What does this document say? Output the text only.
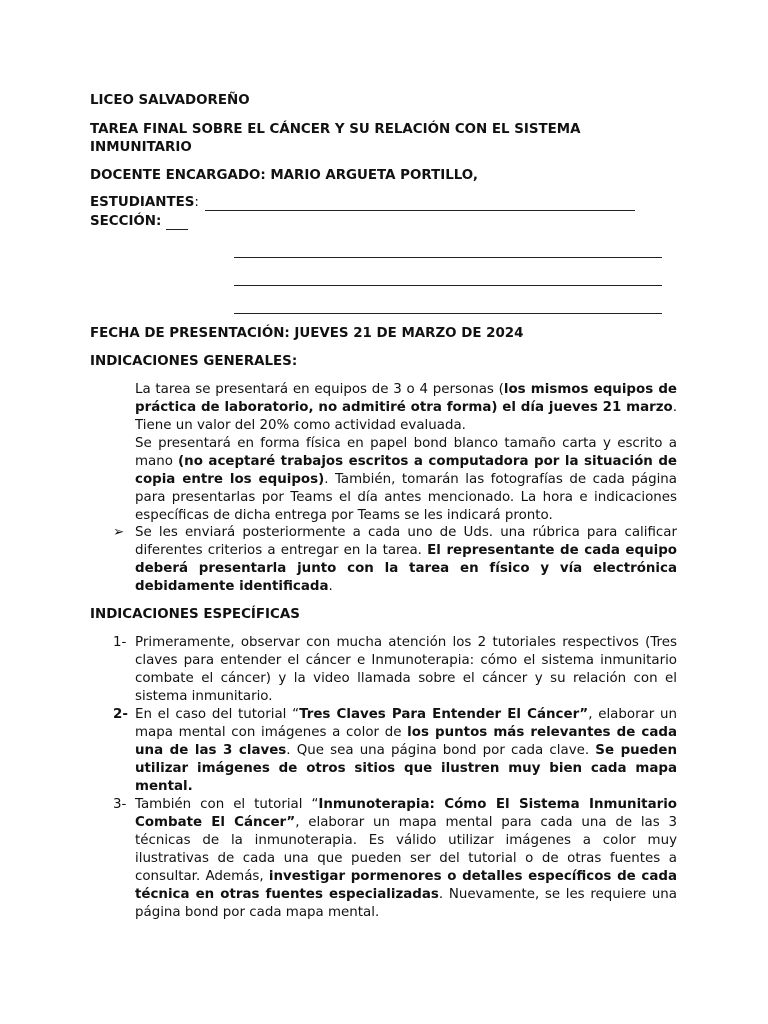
LICEO SALVADOREÑO
TAREA FINAL SOBRE EL CÁNCER Y SU RELACIÓN CON EL SISTEMA
INMUNITARIO
DOCENTE ENCARGADO: MARIO ARGUETA PORTILLO,
ESTUDIANTES:
SECCIÓN:
FECHA DE PRESENTACIÓN: JUEVES 21 DE MARZO DE 2024
INDICACIONES GENERALES:
La tarea se presentará en equipos de 3 o 4 personas (los mismos equipos de práctica de laboratorio, no admitiré otra forma) el día jueves 21 marzo. Tiene un valor del 20% como actividad evaluada.
Se presentará en forma física en papel bond blanco tamaño carta y escrito a mano (no aceptaré trabajos escritos a computadora por la situación de copia entre los equipos). También, tomarán las fotografías de cada página para presentarlas por Teams el día antes mencionado. La hora e indicaciones específicas de dicha entrega por Teams se les indicará pronto.
➢ Se les enviará posteriormente a cada uno de Uds. una rúbrica para calificar diferentes criterios a entregar en la tarea. El representante de cada equipo deberá presentarla junto con la tarea en físico y vía electrónica debidamente identificada.
INDICACIONES ESPECÍFICAS
1- Primeramente, observar con mucha atención los 2 tutoriales respectivos (Tres claves para entender el cáncer e Inmunoterapia: cómo el sistema inmunitario combate el cáncer) y la video llamada sobre el cáncer y su relación con el sistema inmunitario.
2- En el caso del tutorial “Tres Claves Para Entender El Cáncer”, elaborar un mapa mental con imágenes a color de los puntos más relevantes de cada una de las 3 claves. Que sea una página bond por cada clave. Se pueden utilizar imágenes de otros sitios que ilustren muy bien cada mapa mental.
3- También con el tutorial “Inmunoterapia: Cómo El Sistema Inmunitario Combate El Cáncer”, elaborar un mapa mental para cada una de las 3 técnicas de la inmunoterapia. Es válido utilizar imágenes a color muy ilustrativas de cada una que pueden ser del tutorial o de otras fuentes a consultar. Además, investigar pormenores o detalles específicos de cada técnica en otras fuentes especializadas. Nuevamente, se les requiere una página bond por cada mapa mental.
